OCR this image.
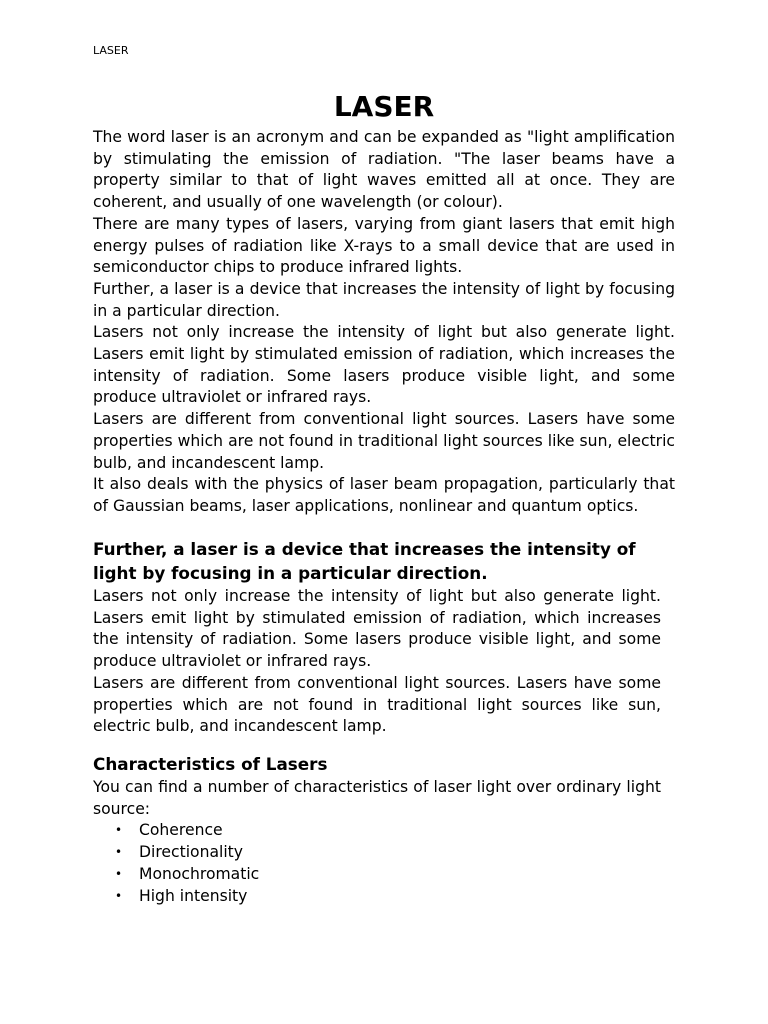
LASER
LASER

The word laser is an acronym and can be expanded as "light amplification by stimulating the emission of radiation. "The laser beams have a property similar to that of light waves emitted all at once. They are coherent, and usually of one wavelength (or colour).

There are many types of lasers, varying from giant lasers that emit high energy pulses of radiation like X-rays to a small device that are used in semiconductor chips to produce infrared lights.

Further, a laser is a device that increases the intensity of light by focusing in a particular direction.

Lasers not only increase the intensity of light but also generate light. Lasers emit light by stimulated emission of radiation, which increases the intensity of radiation. Some lasers produce visible light, and some produce ultraviolet or infrared rays.

Lasers are different from conventional light sources. Lasers have some properties which are not found in traditional light sources like sun, electric bulb, and incandescent lamp.

It also deals with the physics of laser beam propagation, particularly that of Gaussian beams, laser applications, nonlinear and quantum optics.

Further, a laser is a device that increases the intensity of light by focusing in a particular direction.

Lasers not only increase the intensity of light but also generate light. Lasers emit light by stimulated emission of radiation, which increases the intensity of radiation. Some lasers produce visible light, and some produce ultraviolet or infrared rays.

Lasers are different from conventional light sources. Lasers have some properties which are not found in traditional light sources like sun, electric bulb, and incandescent lamp.

Characteristics of Lasers

You can find a number of characteristics of laser light over ordinary light source:

• Coherence
• Directionality
• Monochromatic
• High intensity
